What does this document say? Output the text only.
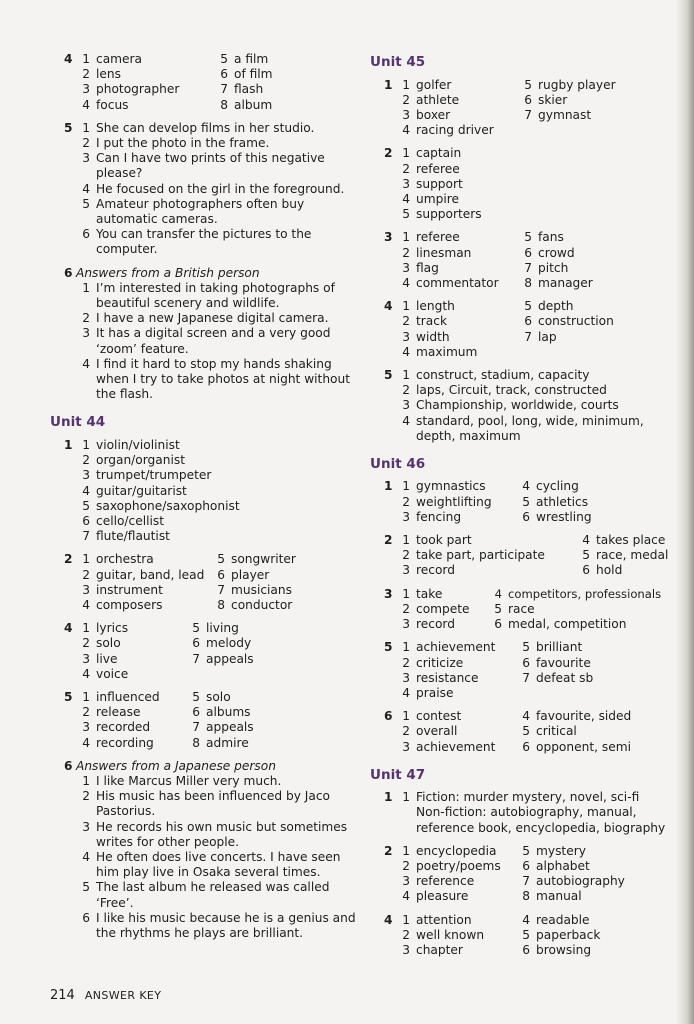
4 1 camera	5 a film
2 lens	6 of film
3 photographer	7 flash
4 focus	8 album
5 1 She can develop films in her studio.
2 I put the photo in the frame.
3 Can I have two prints of this negative please?
4 He focused on the girl in the foreground.
5 Amateur photographers often buy automatic cameras.
6 You can transfer the pictures to the computer.
6 Answers from a British person
1 I’m interested in taking photographs of beautiful scenery and wildlife.
2 I have a new Japanese digital camera.
3 It has a digital screen and a very good ‘zoom’ feature.
4 I find it hard to stop my hands shaking when I try to take photos at night without the flash.
Unit 44
1 1 violin/violinist
2 organ/organist
3 trumpet/trumpeter
4 guitar/guitarist
5 saxophone/saxophonist
6 cello/cellist
7 flute/flautist
2 1 orchestra	5 songwriter
2 guitar, band, lead	6 player
3 instrument	7 musicians
4 composers	8 conductor
4 1 lyrics	5 living
2 solo	6 melody
3 live	7 appeals
4 voice
5 1 influenced	5 solo
2 release	6 albums
3 recorded	7 appeals
4 recording	8 admire
6 Answers from a Japanese person
1 I like Marcus Miller very much.
2 His music has been influenced by Jaco Pastorius.
3 He records his own music but sometimes writes for other people.
4 He often does live concerts. I have seen him play live in Osaka several times.
5 The last album he released was called ‘Free’.
6 I like his music because he is a genius and the rhythms he plays are brilliant.
Unit 45
1 1 golfer	5 rugby player
2 athlete	6 skier
3 boxer	7 gymnast
4 racing driver
2 1 captain
2 referee
3 support
4 umpire
5 supporters
3 1 referee	5 fans
2 linesman	6 crowd
3 flag	7 pitch
4 commentator	8 manager
4 1 length	5 depth
2 track	6 construction
3 width	7 lap
4 maximum
5 1 construct, stadium, capacity
2 laps, Circuit, track, constructed
3 Championship, worldwide, courts
4 standard, pool, long, wide, minimum, depth, maximum
Unit 46
1 1 gymnastics	4 cycling
2 weightlifting	5 athletics
3 fencing	6 wrestling
2 1 took part	4 takes place
2 take part, participate	5 race, medal
3 record	6 hold
3 1 take	4 competitors, professionals
2 compete	5 race
3 record	6 medal, competition
5 1 achievement	5 brilliant
2 criticize	6 favourite
3 resistance	7 defeat sb
4 praise
6 1 contest	4 favourite, sided
2 overall	5 critical
3 achievement	6 opponent, semi
Unit 47
1 1 Fiction: murder mystery, novel, sci-fi
Non-fiction: autobiography, manual, reference book, encyclopedia, biography
2 1 encyclopedia	5 mystery
2 poetry/poems	6 alphabet
3 reference	7 autobiography
4 pleasure	8 manual
4 1 attention	4 readable
2 well known	5 paperback
3 chapter	6 browsing
214 ANSWER KEY
